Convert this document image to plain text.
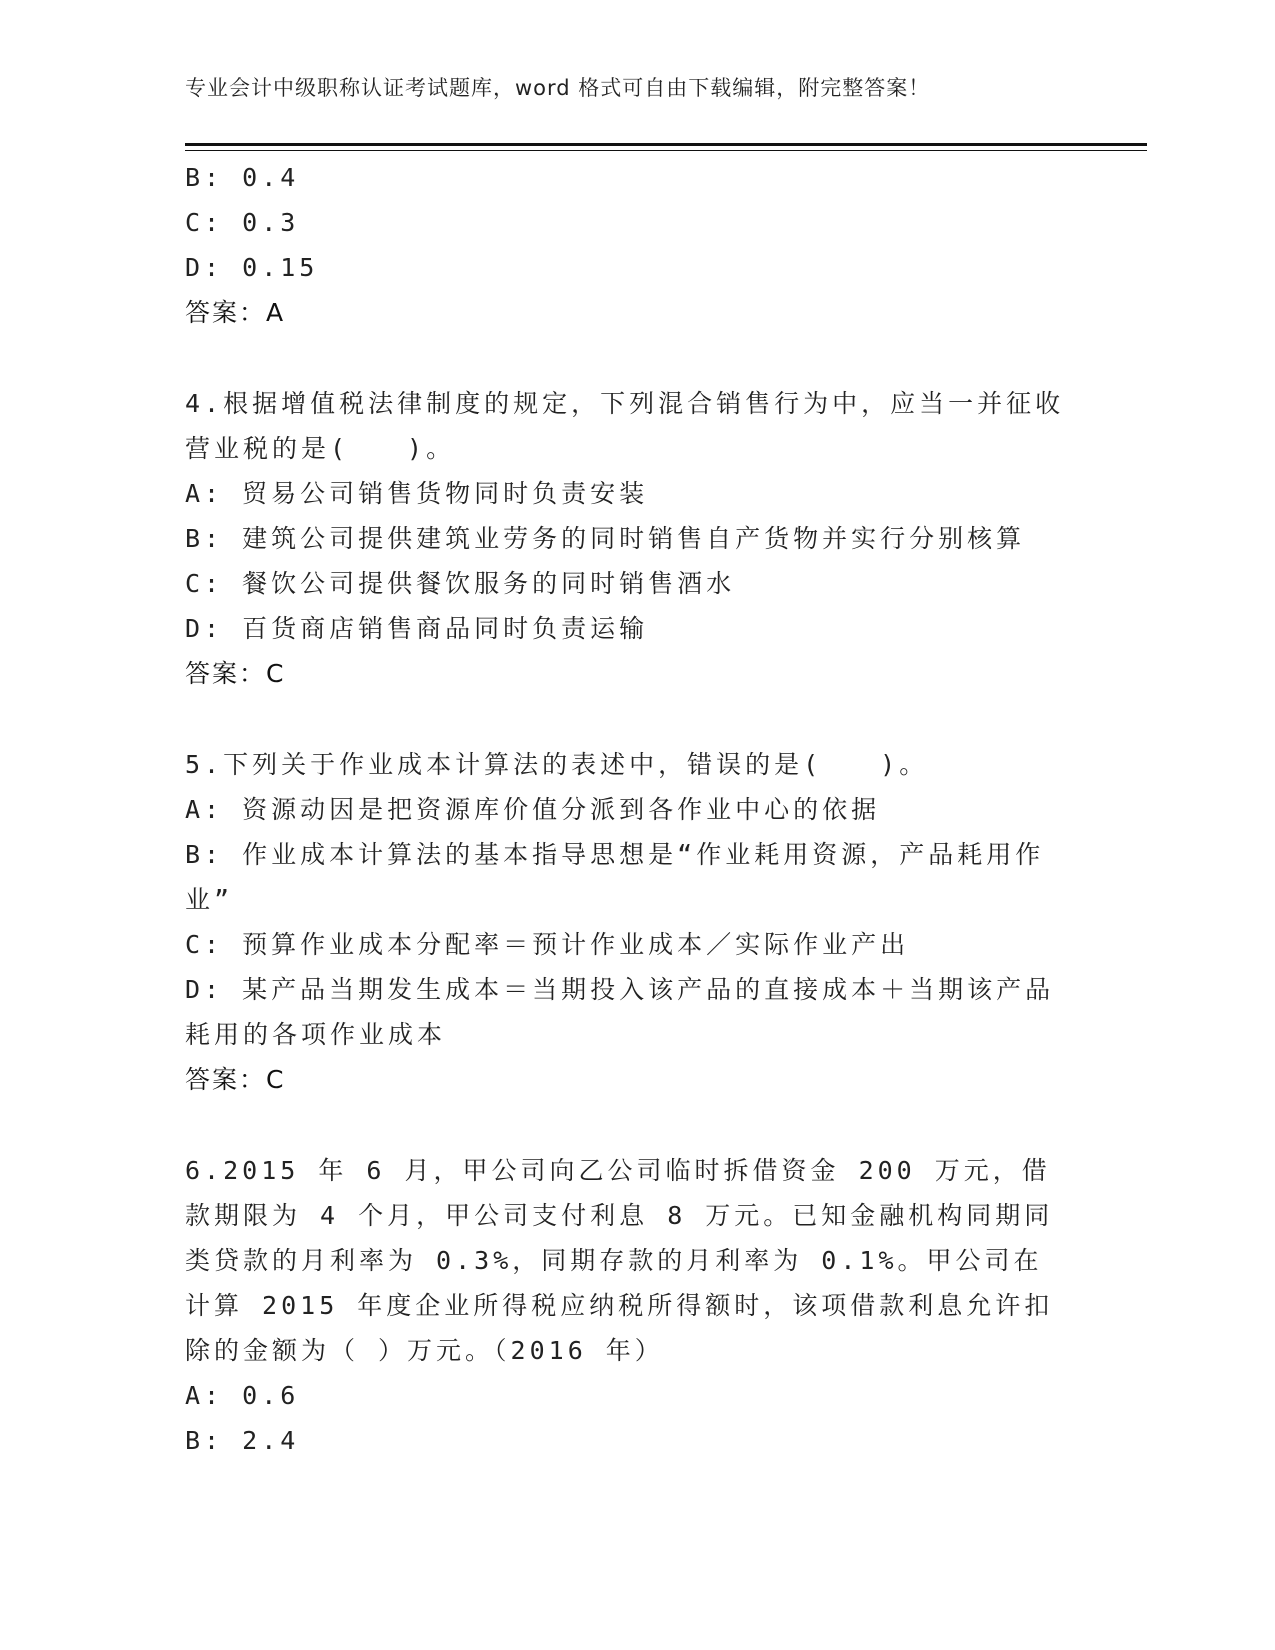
专业会计中级职称认证考试题库，word 格式可自由下载编辑，附完整答案！
B: 0.4
C: 0.3
D: 0.15
答案：A
4.根据增值税法律制度的规定，下列混合销售行为中，应当一并征收营业税的是(　　)。
A: 贸易公司销售货物同时负责安装
B: 建筑公司提供建筑业劳务的同时销售自产货物并实行分别核算
C: 餐饮公司提供餐饮服务的同时销售酒水
D: 百货商店销售商品同时负责运输
答案：C
5.下列关于作业成本计算法的表述中，错误的是(　　)。
A: 资源动因是把资源库价值分派到各作业中心的依据
B: 作业成本计算法的基本指导思想是“作业耗用资源，产品耗用作业”
C: 预算作业成本分配率＝预计作业成本／实际作业产出
D: 某产品当期发生成本＝当期投入该产品的直接成本＋当期该产品耗用的各项作业成本
答案：C
6.2015 年 6 月，甲公司向乙公司临时拆借资金 200 万元，借款期限为 4 个月，甲公司支付利息 8 万元。已知金融机构同期同类贷款的月利率为 0.3%，同期存款的月利率为 0.1%。甲公司在计算 2015 年度企业所得税应纳税所得额时，该项借款利息允许扣除的金额为（ ）万元。（2016 年）
A: 0.6
B: 2.4
